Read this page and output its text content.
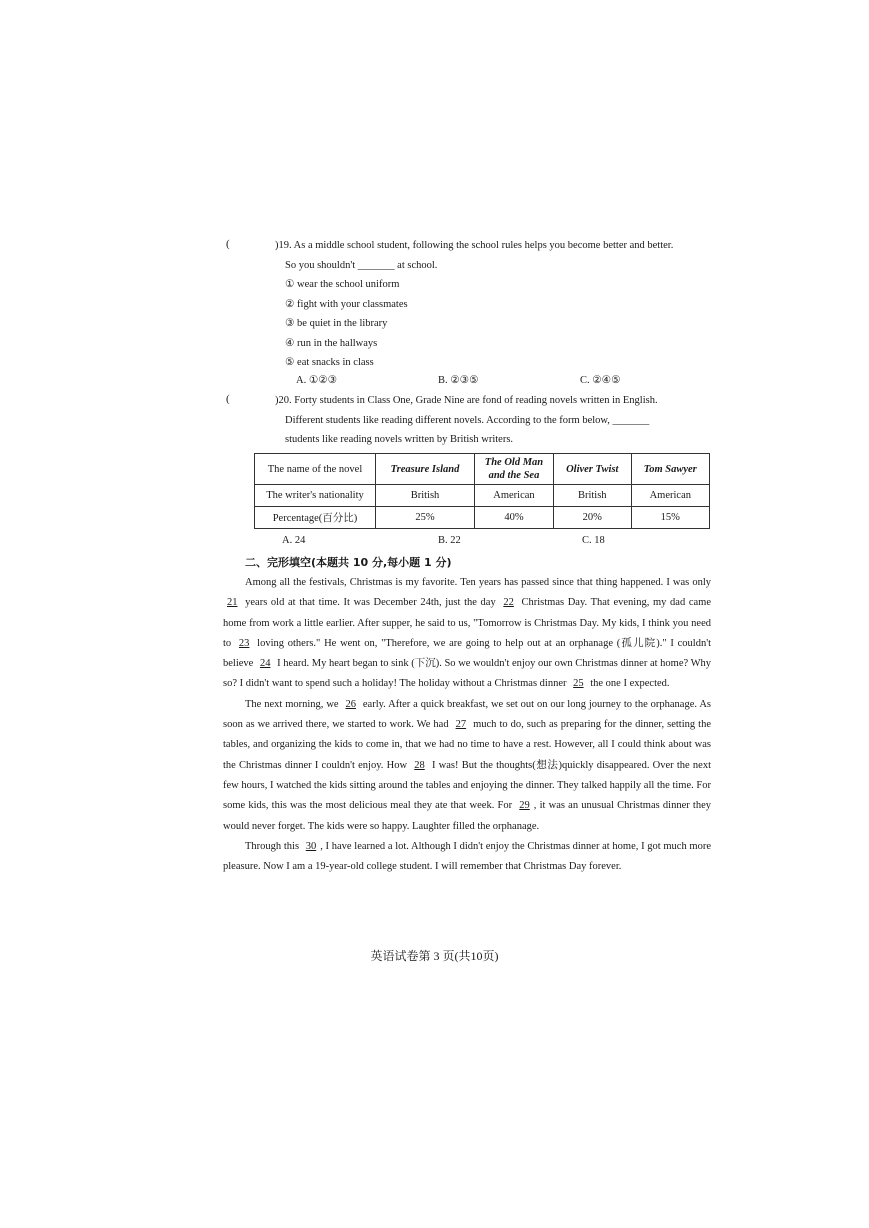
(	)19. As a middle school student, following the school rules helps you become better and better.
So you shouldn't _______ at school.
① wear the school uniform
② fight with your classmates
③ be quiet in the library
④ run in the hallways
⑤ eat snacks in class
A. ①②③	B. ②③⑤	C. ②④⑤
(	)20. Forty students in Class One, Grade Nine are fond of reading novels written in English.
Different students like reading different novels. According to the form below, _______
students like reading novels written by British writers.
The name of the novel	Treasure Island	The Old Man and the Sea	Oliver Twist	Tom Sawyer
The writer's nationality	British	American	British	American
Percentage(百分比)	25%	40%	20%	15%
A. 24	B. 22	C. 18
二、完形填空(本题共 10 分,每小题 1 分)

Among all the festivals, Christmas is my favorite. Ten years has passed since that thing happened. I was only 21 years old at that time. It was December 24th, just the day 22 Christmas Day. That evening, my dad came home from work a little earlier. After supper, he said to us, "Tomorrow is Christmas Day. My kids, I think you need to 23 loving others." He went on, "Therefore, we are going to help out at an orphanage (孤儿院)." I couldn't believe 24 I heard. My heart began to sink (下沉). So we wouldn't enjoy our own Christmas dinner at home? Why so? I didn't want to spend such a holiday! The holiday without a Christmas dinner 25 the one I expected.

The next morning, we 26 early. After a quick breakfast, we set out on our long journey to the orphanage. As soon as we arrived there, we started to work. We had 27 much to do, such as preparing for the dinner, setting the tables, and organizing the kids to come in, that we had no time to have a rest. However, all I could think about was the Christmas dinner I couldn't enjoy. How 28 I was! But the thoughts(想法)quickly disappeared. Over the next few hours, I watched the kids sitting around the tables and enjoying the dinner. They talked happily all the time. For some kids, this was the most delicious meal they ate that week. For 29 , it was an unusual Christmas dinner they would never forget. The kids were so happy. Laughter filled the orphanage.

Through this 30 , I have learned a lot. Although I didn't enjoy the Christmas dinner at home, I got much more pleasure. Now I am a 19-year-old college student. I will remember that Christmas Day forever.

英语试卷第 3 页(共10页)
